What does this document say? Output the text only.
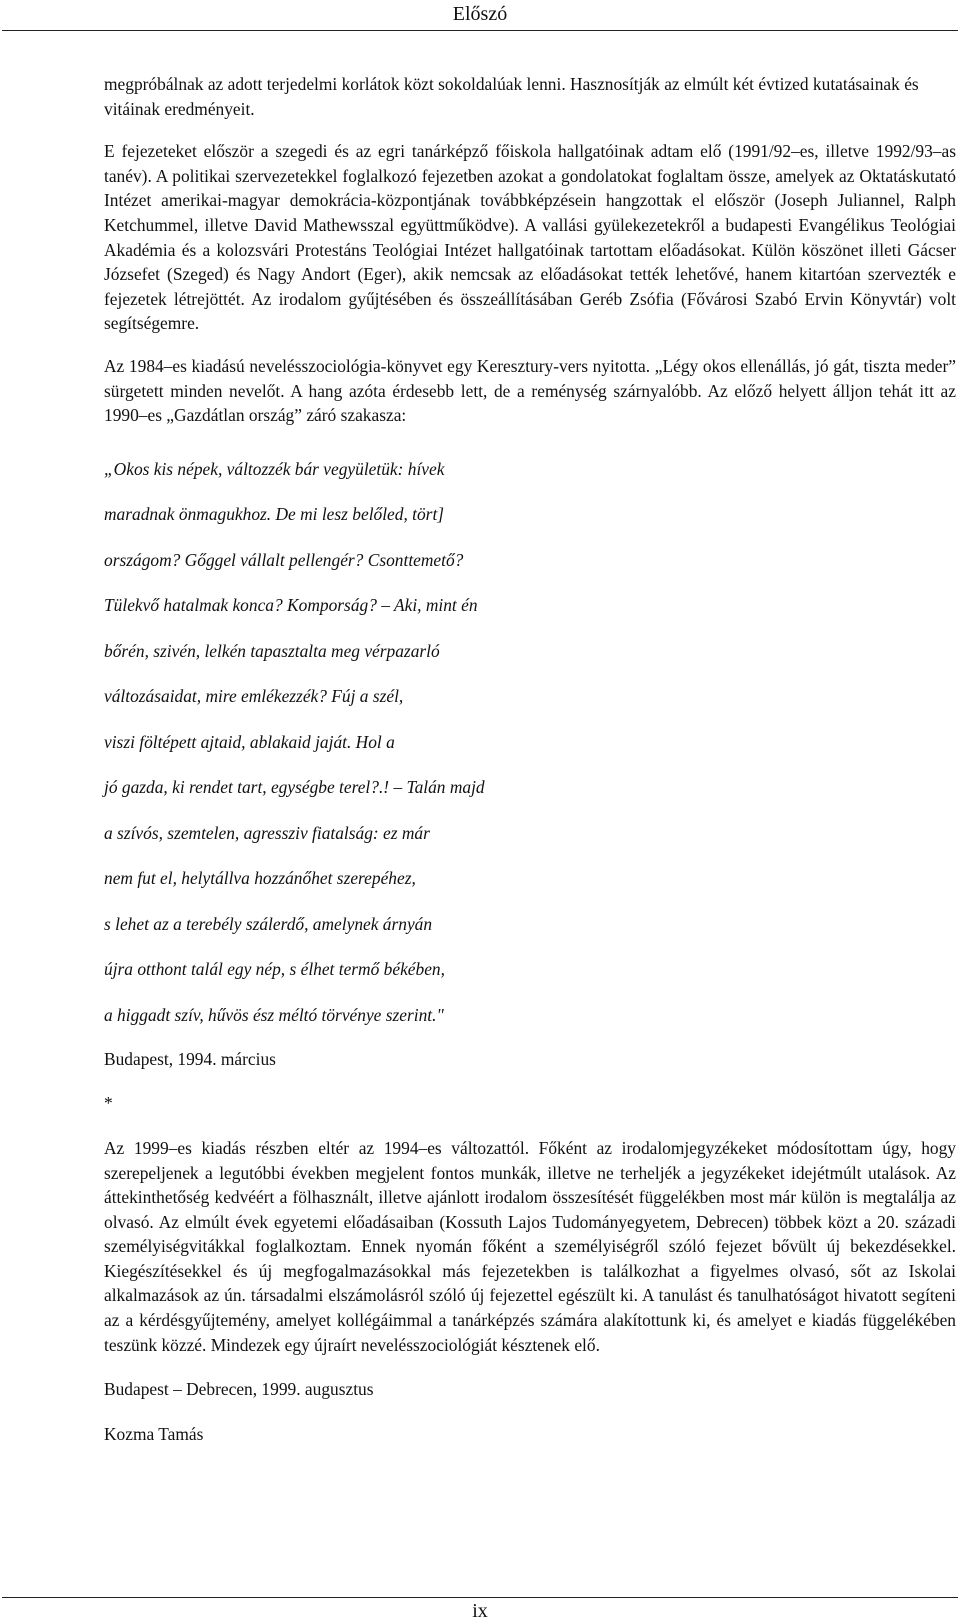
Előszó

megpróbálnak az adott terjedelmi korlátok közt sokoldalúak lenni. Hasznosítják az elmúlt két évtized kutatásainak és vitáinak eredményeit.

E fejezeteket először a szegedi és az egri tanárképző főiskola hallgatóinak adtam elő (1991/92–es, illetve 1992/93–as tanév). A politikai szervezetekkel foglalkozó fejezetben azokat a gondolatokat foglaltam össze, amelyek az Oktatáskutató Intézet amerikai-magyar demokrácia-központjának továbbképzésein hangzottak el először (Joseph Juliannel, Ralph Ketchummel, illetve David Mathewsszal együttműködve). A vallási gyülekezetekről a budapesti Evangélikus Teológiai Akadémia és a kolozsvári Protestáns Teológiai Intézet hallgatóinak tartottam előadásokat. Külön köszönet illeti Gácser Józsefet (Szeged) és Nagy Andort (Eger), akik nemcsak az előadásokat tették lehetővé, hanem kitartóan szervezték e fejezetek létrejöttét. Az irodalom gyűjtésében és összeállításában Geréb Zsófia (Fővárosi Szabó Ervin Könyvtár) volt segítségemre.

Az 1984–es kiadású nevelésszociológia-könyvet egy Keresztury-vers nyitotta. „Légy okos ellenállás, jó gát, tiszta meder” sürgetett minden nevelőt. A hang azóta érdesebb lett, de a reménység szárnyalóbb. Az előző helyett álljon tehát itt az 1990–es „Gazdátlan ország” záró szakasza:

„Okos kis népek, változzék bár vegyületük: hívek

maradnak önmagukhoz. De mi lesz belőled, tört]

országom? Gőggel vállalt pellengér? Csonttemető?

Tülekvő hatalmak konca? Komporság? – Aki, mint én

bőrén, szivén, lelkén tapasztalta meg vérpazarló

változásaidat, mire emlékezzék? Fúj a szél,

viszi föltépett ajtaid, ablakaid jaját. Hol a

jó gazda, ki rendet tart, egységbe terel?.! – Talán majd

a szívós, szemtelen, agressziv fiatalság: ez már

nem fut el, helytállva hozzánőhet szerepéhez,

s lehet az a terebély szálerdő, amelynek árnyán

újra otthont talál egy nép, s élhet termő békében,

a higgadt szív, hűvös ész méltó törvénye szerint."

Budapest, 1994. március

*

Az 1999–es kiadás részben eltér az 1994–es változattól. Főként az irodalomjegyzékeket módosítottam úgy, hogy szerepeljenek a legutóbbi években megjelent fontos munkák, illetve ne terheljék a jegyzékeket idejétmúlt utalások. Az áttekinthetőség kedvéért a fölhasznált, illetve ajánlott irodalom összesítését függelékben most már külön is megtalálja az olvasó. Az elmúlt évek egyetemi előadásaiban (Kossuth Lajos Tudományegyetem, Debrecen) többek közt a 20. századi személyiségvitákkal foglalkoztam. Ennek nyomán főként a személyiségről szóló fejezet bővült új bekezdésekkel. Kiegészítésekkel és új megfogalmazásokkal más fejezetekben is találkozhat a figyelmes olvasó, sőt az Iskolai alkalmazások az ún. társadalmi elszámolásról szóló új fejezettel egészült ki. A tanulást és tanulhatóságot hivatott segíteni az a kérdésgyűjtemény, amelyet kollégáimmal a tanárképzés számára alakítottunk ki, és amelyet e kiadás függelékében teszünk közzé. Mindezek egy újraírt nevelésszociológiát késztenek elő.

Budapest – Debrecen, 1999. augusztus

Kozma Tamás

ix
